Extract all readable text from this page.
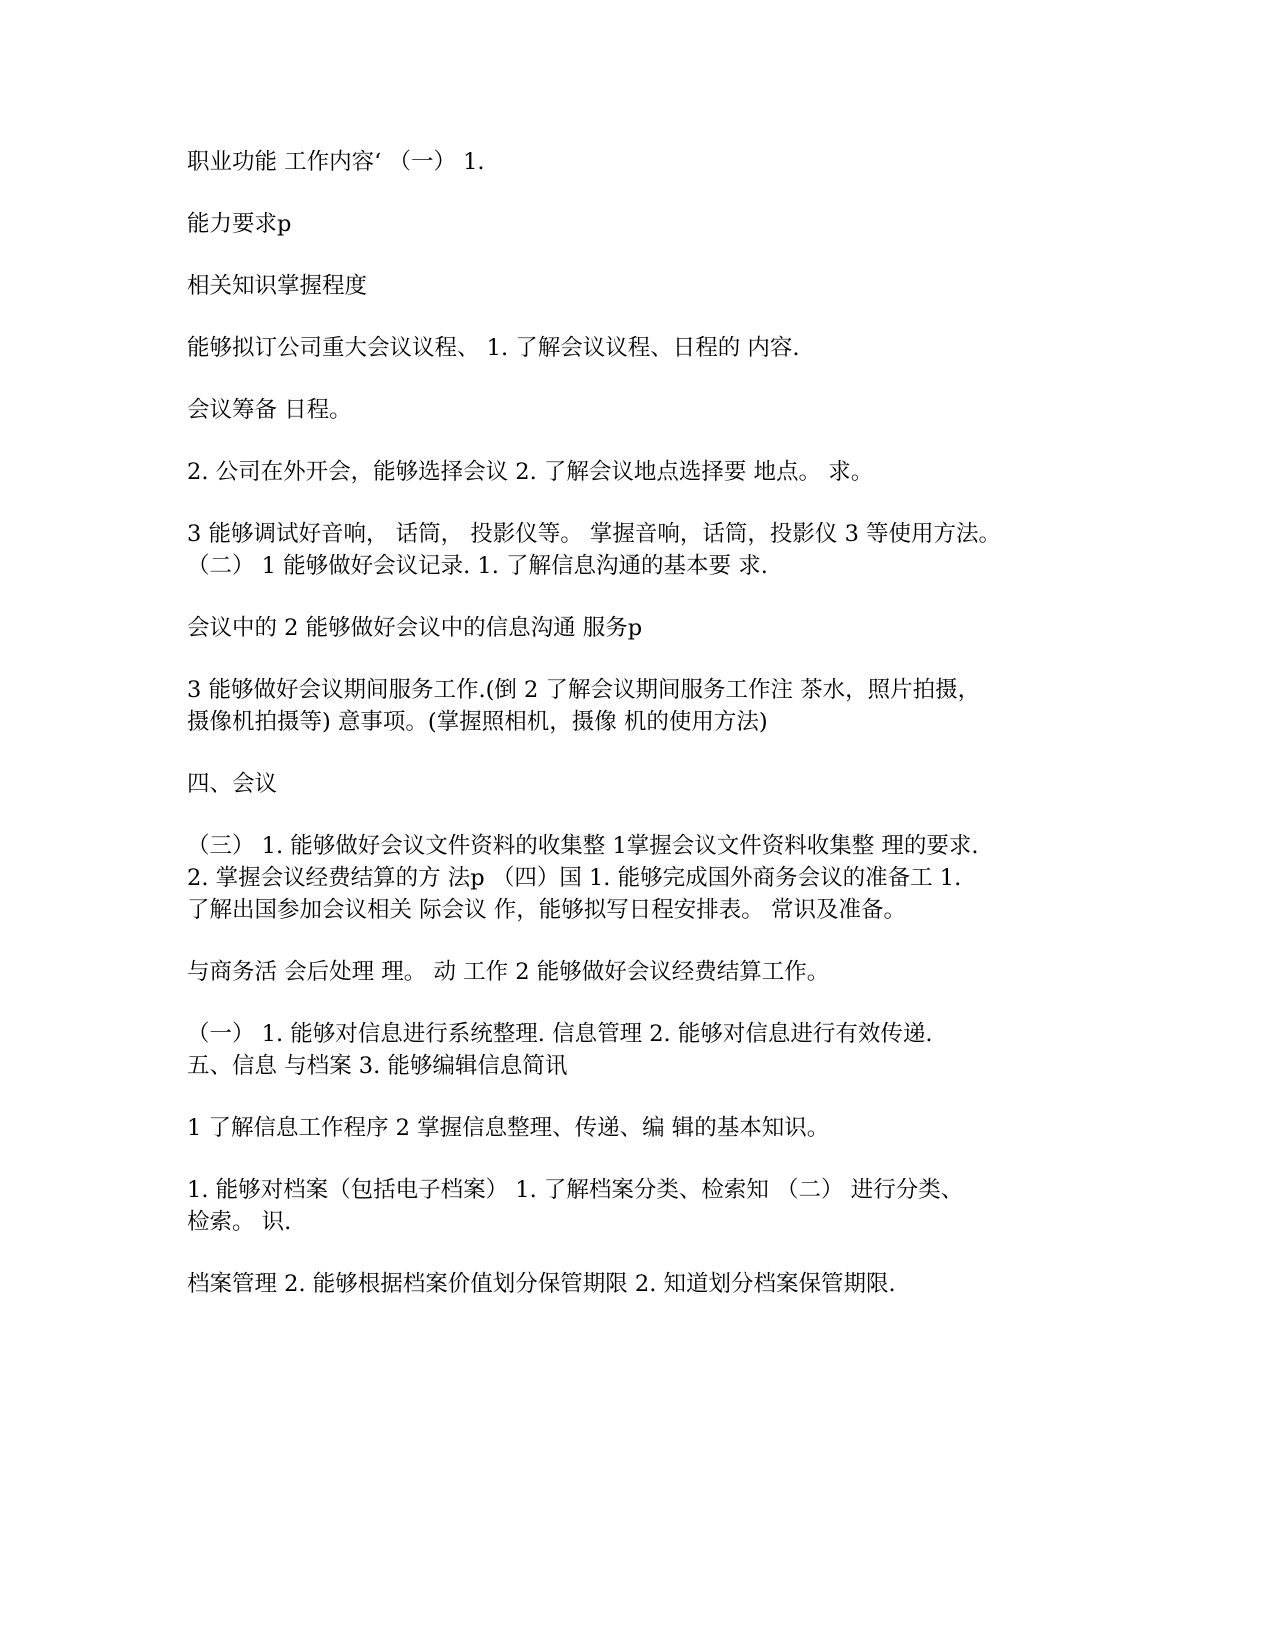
职业功能 工作内容‘ （一） 1.

能力要求p

相关知识掌握程度

能够拟订公司重大会议议程、 1. 了解会议议程、日程的 内容.

会议筹备 日程。

2. 公司在外开会，能够选择会议 2. 了解会议地点选择要 地点。 求。

3 能够调试好音响， 话筒， 投影仪等。 掌握音响，话筒，投影仪 3 等使用方法。
（二） 1 能够做好会议记录. 1. 了解信息沟通的基本要 求.

会议中的 2 能够做好会议中的信息沟通 服务p

3 能够做好会议期间服务工作.(倒 2 了解会议期间服务工作注 茶水，照片拍摄，
摄像机拍摄等) 意事项。(掌握照相机，摄像 机的使用方法)

四、会议

（三） 1. 能够做好会议文件资料的收集整 1掌握会议文件资料收集整 理的要求.
2. 掌握会议经费结算的方 法p （四）国 1. 能够完成国外商务会议的准备工 1.
了解出国参加会议相关 际会议 作，能够拟写日程安排表。 常识及准备。

与商务活 会后处理 理。 动 工作 2 能够做好会议经费结算工作。

（一） 1. 能够对信息进行系统整理. 信息管理 2. 能够对信息进行有效传递.
五、信息 与档案 3. 能够编辑信息简讯

1 了解信息工作程序 2 掌握信息整理、传递、编 辑的基本知识。

1. 能够对档案（包括电子档案） 1. 了解档案分类、检索知 （二） 进行分类、
检索。 识.

档案管理 2. 能够根据档案价值划分保管期限 2. 知道划分档案保管期限.
